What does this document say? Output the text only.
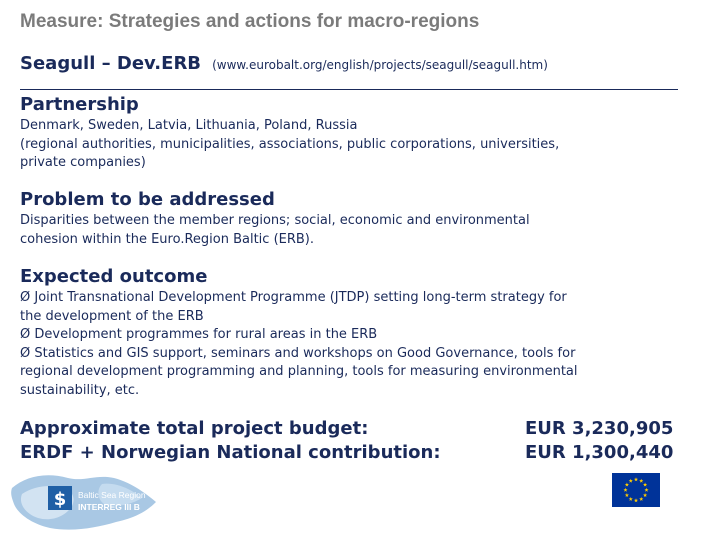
Measure: Strategies and actions for macro-regions
Seagull – Dev.ERB (www.eurobalt.org/english/projects/seagull/seagull.htm)
Partnership
Denmark, Sweden, Latvia, Lithuania, Poland, Russia
(regional authorities, municipalities, associations, public corporations, universities,
private companies)
Problem to be addressed
Disparities between the member regions; social, economic and environmental
cohesion within the Euro.Region Baltic (ERB).
Expected outcome
Ø Joint Transnational Development Programme (JTDP) setting long-term strategy for
the development of the ERB
Ø Development programmes for rural areas in the ERB
Ø Statistics and GIS support, seminars and workshops on Good Governance, tools for
regional development programming and planning, tools for measuring environmental
sustainability, etc.
Approximate total project budget:
ERDF + Norwegian National contribution:
EUR 3,230,905
EUR 1,300,440
$ Baltic Sea Region
INTERREG III B
